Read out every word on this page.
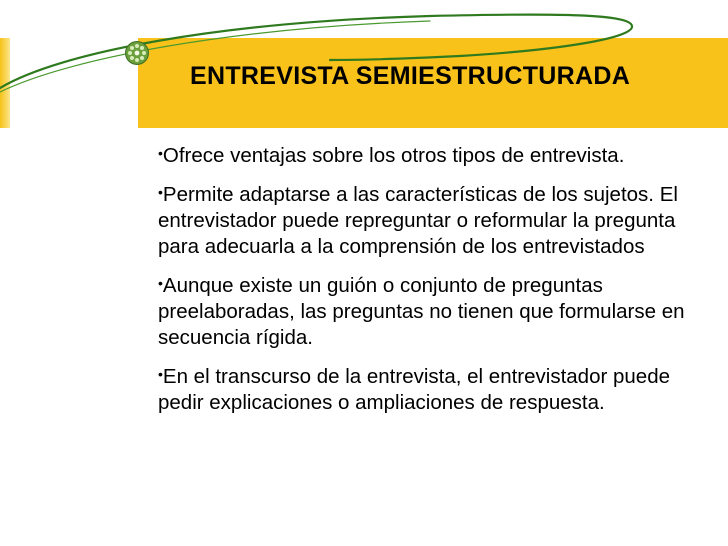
ENTREVISTA SEMIESTRUCTURADA

•Ofrece ventajas sobre los otros tipos de entrevista.

•Permite adaptarse a las características de los sujetos. El entrevistador puede repreguntar o reformular la pregunta para adecuarla a la comprensión de los entrevistados

•Aunque existe un guión o conjunto de preguntas preelaboradas, las preguntas no tienen que formularse en secuencia rígida.

•En el transcurso de la entrevista, el entrevistador puede pedir explicaciones o ampliaciones de respuesta.
